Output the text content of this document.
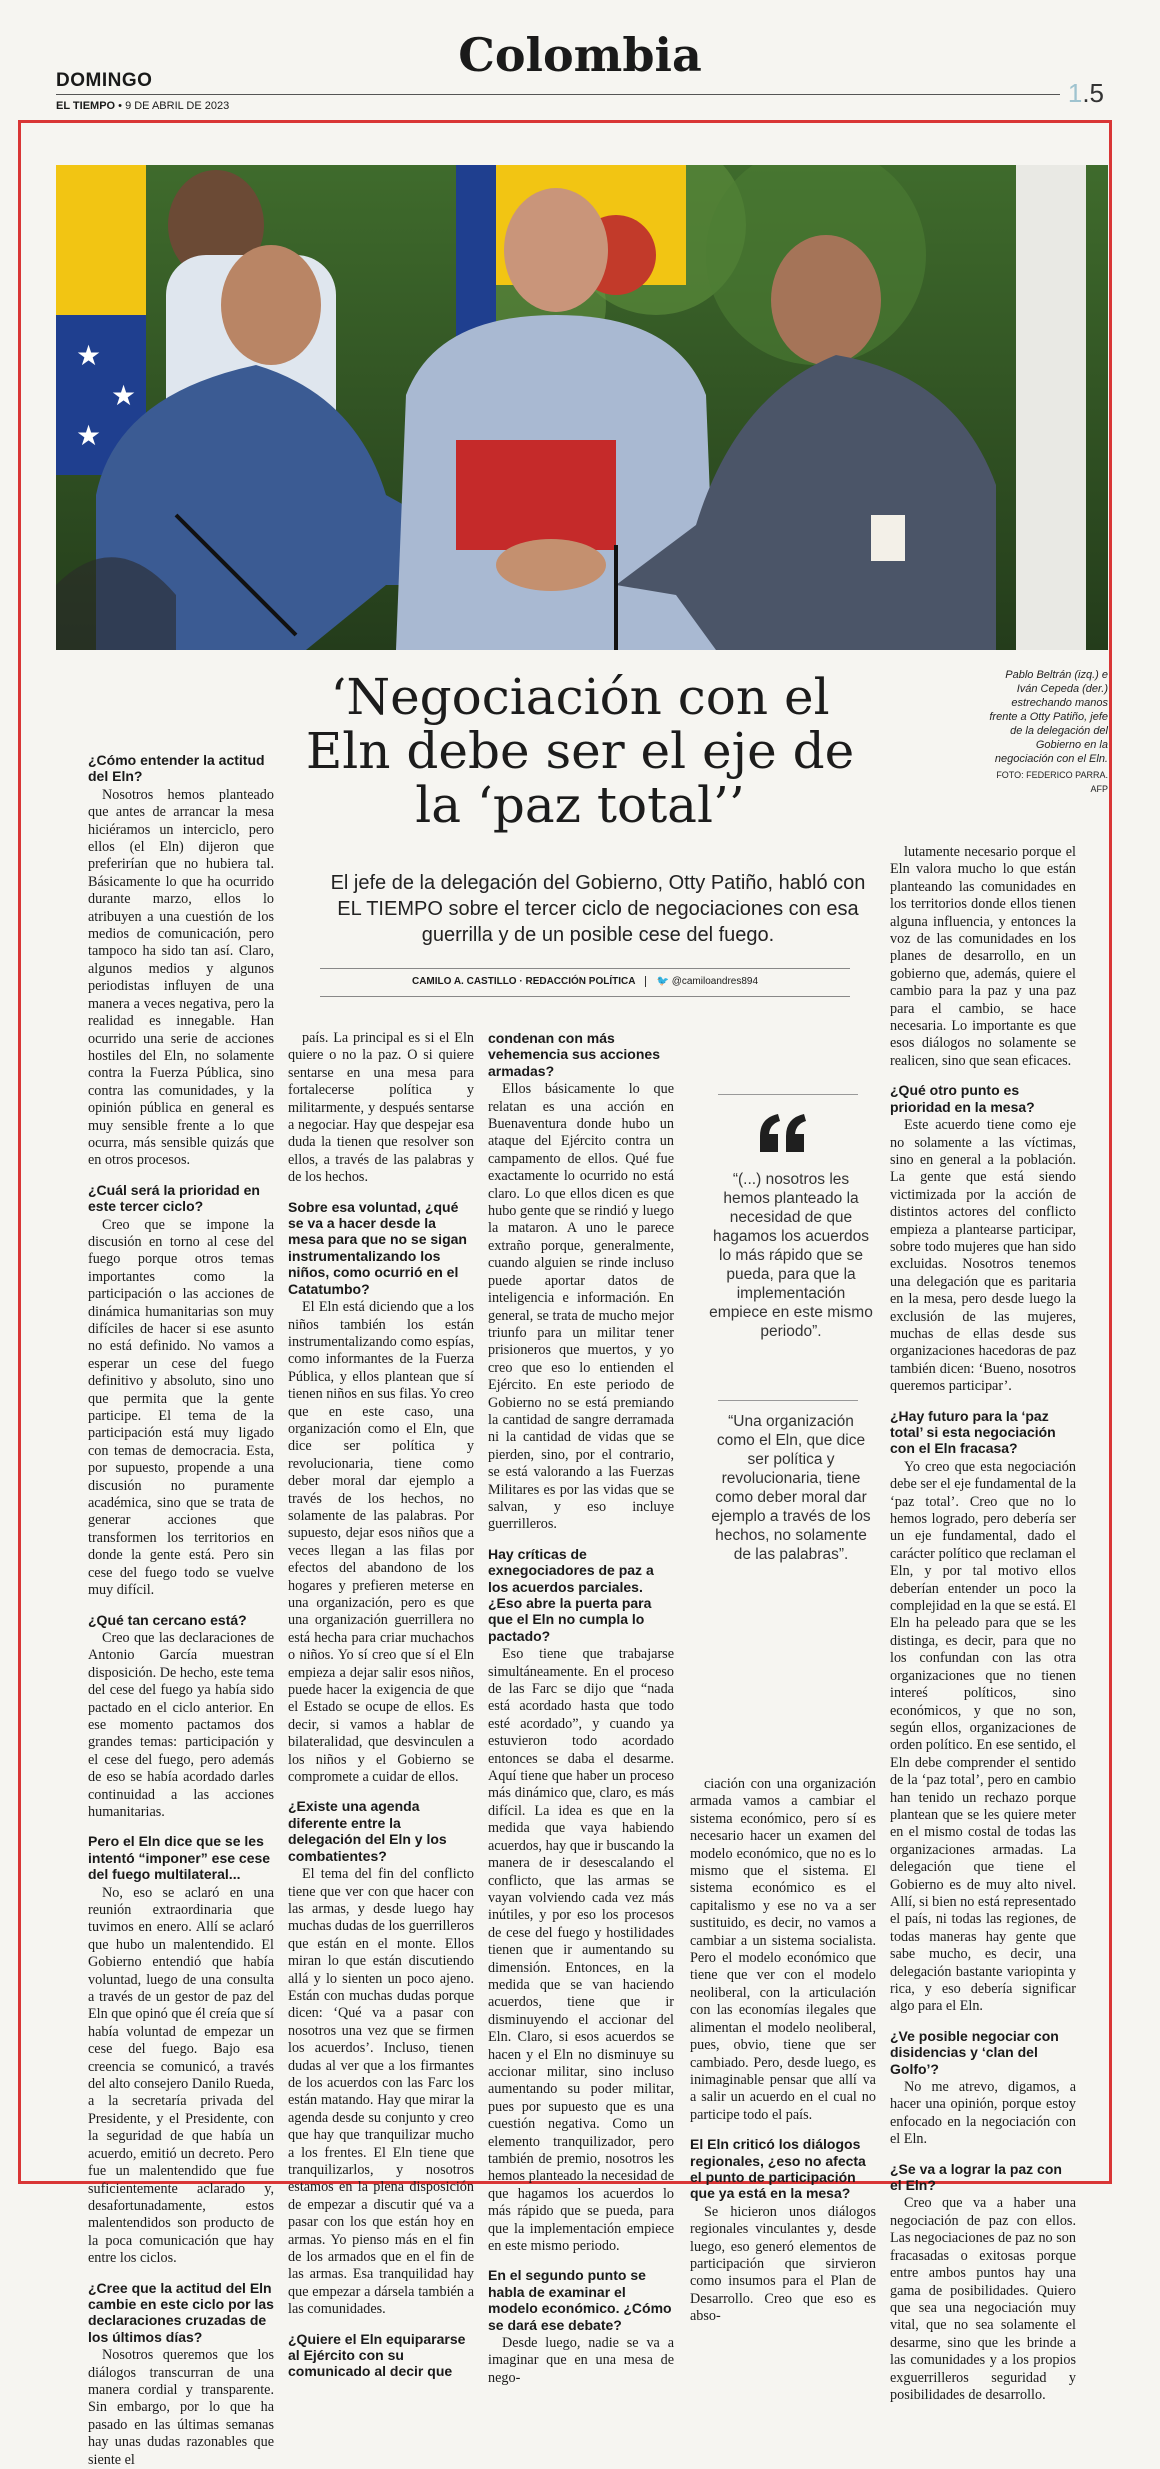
DOMINGO
EL TIEMPO • 9 DE ABRIL DE 2023
Colombia
1.5
★
★
★
Pablo Beltrán (izq.) e Iván Cepeda (der.) estrechando manos frente a Otty Patiño, jefe de la delegación del Gobierno en la negociación con el Eln.
FOTO: FEDERICO PARRA. AFP
‘Negociación con el Eln debe ser el eje de la ‘paz total’’
El jefe de la delegación del Gobierno, Otty Patiño, habló con EL TIEMPO sobre el tercer ciclo de negociaciones con esa guerrilla y de un posible cese del fuego.
CAMILO A. CASTILLO · REDACCIÓN POLÍTICA 🐦 @camiloandres894
¿Cómo entender la actitud del Eln?

Nosotros hemos planteado que antes de arrancar la mesa hiciéramos un interciclo, pero ellos (el Eln) dijeron que preferirían que no hubiera tal. Básicamente lo que ha ocurrido durante marzo, ellos lo atribuyen a una cuestión de los medios de comunicación, pero tampoco ha sido tan así. Claro, algunos medios y algunos periodistas influyen de una manera a veces negativa, pero la realidad es innegable. Han ocurrido una serie de acciones hostiles del Eln, no solamente contra la Fuerza Pública, sino contra las comunidades, y la opinión pública en general es muy sensible frente a lo que ocurra, más sensible quizás que en otros procesos.

¿Cuál será la prioridad en este tercer ciclo?

Creo que se impone la discusión en torno al cese del fuego porque otros temas importantes como la participación o las acciones de dinámica humanitarias son muy difíciles de hacer si ese asunto no está definido. No vamos a esperar un cese del fuego definitivo y absoluto, sino uno que permita que la gente participe. El tema de la participación está muy ligado con temas de democracia. Esta, por supuesto, propende a una discusión no puramente académica, sino que se trata de generar acciones que transformen los territorios en donde la gente está. Pero sin cese del fuego todo se vuelve muy difícil.

¿Qué tan cercano está?

Creo que las declaraciones de Antonio García muestran disposición. De hecho, este tema del cese del fuego ya había sido pactado en el ciclo anterior. En ese momento pactamos dos grandes temas: participación y el cese del fuego, pero además de eso se había acordado darles continuidad a las acciones humanitarias.

Pero el Eln dice que se les intentó “imponer” ese cese del fuego multilateral...

No, eso se aclaró en una reunión extraordinaria que tuvimos en enero. Allí se aclaró que hubo un malentendido. El Gobierno entendió que había voluntad, luego de una consulta a través de un gestor de paz del Eln que opinó que él creía que sí había voluntad de empezar un cese del fuego. Bajo esa creencia se comunicó, a través del alto consejero Danilo Rueda, a la secretaría privada del Presidente, y el Presidente, con la seguridad de que había un acuerdo, emitió un decreto. Pero fue un malentendido que fue suficientemente aclarado y, desafortunadamente, estos malentendidos son producto de la poca comunicación que hay entre los ciclos.

¿Cree que la actitud del Eln cambie en este ciclo por las declaraciones cruzadas de los últimos días?

Nosotros queremos que los diálogos transcurran de una manera cordial y transparente. Sin embargo, por lo que ha pasado en las últimas semanas hay unas dudas razonables que siente el

país. La principal es si el Eln quiere o no la paz. O si quiere sentarse en una mesa para fortalecerse política y militarmente, y después sentarse a negociar. Hay que despejar esa duda la tienen que resolver son ellos, a través de las palabras y de los hechos.

Sobre esa voluntad, ¿qué se va a hacer desde la mesa para que no se sigan instrumentalizando los niños, como ocurrió en el Catatumbo?

El Eln está diciendo que a los niños también los están instrumentalizando como espías, como informantes de la Fuerza Pública, y ellos plantean que sí tienen niños en sus filas. Yo creo que en este caso, una organización como el Eln, que dice ser política y revolucionaria, tiene como deber moral dar ejemplo a través de los hechos, no solamente de las palabras. Por supuesto, dejar esos niños que a veces llegan a las filas por efectos del abandono de los hogares y prefieren meterse en una organización, pero es que una organización guerrillera no está hecha para criar muchachos o niños. Yo sí creo que sí el Eln empieza a dejar salir esos niños, puede hacer la exigencia de que el Estado se ocupe de ellos. Es decir, si vamos a hablar de bilateralidad, que desvinculen a los niños y el Gobierno se compromete a cuidar de ellos.

¿Existe una agenda diferente entre la delegación del Eln y los combatientes?

El tema del fin del conflicto tiene que ver con que hacer con las armas, y desde luego hay muchas dudas de los guerrilleros que están en el monte. Ellos miran lo que están discutiendo allá y lo sienten un poco ajeno. Están con muchas dudas porque dicen: ‘Qué va a pasar con nosotros una vez que se firmen los acuerdos’. Incluso, tienen dudas al ver que a los firmantes de los acuerdos con las Farc los están matando. Hay que mirar la agenda desde su conjunto y creo que hay que tranquilizar mucho a los frentes. El Eln tiene que tranquilizarlos, y nosotros estamos en la plena disposición de empezar a discutir qué va a pasar con los que están hoy en armas. Yo pienso más en el fin de los armados que en el fin de las armas. Esa tranquilidad hay que empezar a dársela también a las comunidades.

¿Quiere el Eln equipararse al Ejército con su comunicado al decir que
condenan con más vehemencia sus acciones armadas?

Ellos básicamente lo que relatan es una acción en Buenaventura donde hubo un ataque del Ejército contra un campamento de ellos. Qué fue exactamente lo ocurrido no está claro. Lo que ellos dicen es que hubo gente que se rindió y luego la mataron. A uno le parece extraño porque, generalmente, cuando alguien se rinde incluso puede aportar datos de inteligencia e información. En general, se trata de mucho mejor triunfo para un militar tener prisioneros que muertos, y yo creo que eso lo entienden el Ejército. En este periodo de Gobierno no se está premiando la cantidad de sangre derramada ni la cantidad de vidas que se pierden, sino, por el contrario, se está valorando a las Fuerzas Militares es por las vidas que se salvan, y eso incluye guerrilleros.

Hay críticas de exnegociadores de paz a los acuerdos parciales. ¿Eso abre la puerta para que el Eln no cumpla lo pactado?

Eso tiene que trabajarse simultáneamente. En el proceso de las Farc se dijo que “nada está acordado hasta que todo esté acordado”, y cuando ya estuvieron todo acordado entonces se daba el desarme. Aquí tiene que haber un proceso más dinámico que, claro, es más difícil. La idea es que en la medida que vaya habiendo acuerdos, hay que ir buscando la manera de ir desescalando el conflicto, que las armas se vayan volviendo cada vez más inútiles, y por eso los procesos de cese del fuego y hostilidades tienen que ir aumentando su dimensión. Entonces, en la medida que se van haciendo acuerdos, tiene que ir disminuyendo el accionar del Eln. Claro, si esos acuerdos se hacen y el Eln no disminuye su accionar militar, sino incluso aumentando su poder militar, pues por supuesto que es una cuestión negativa. Como un elemento tranquilizador, pero también de premio, nosotros les hemos planteado la necesidad de que hagamos los acuerdos lo más rápido que se pueda, para que la implementación empiece en este mismo periodo.

En el segundo punto se habla de examinar el modelo económico. ¿Cómo se dará ese debate?

Desde luego, nadie se va a imaginar que en una mesa de nego-

ciación con una organización armada vamos a cambiar el sistema económico, pero sí es necesario hacer un examen del modelo económico, que no es lo mismo que el sistema. El sistema económico es el capitalismo y ese no va a ser sustituido, es decir, no vamos a cambiar a un sistema socialista. Pero el modelo económico que tiene que ver con el modelo neoliberal, con la articulación con las economías ilegales que alimentan el modelo neoliberal, pues, obvio, tiene que ser cambiado. Pero, desde luego, es inimaginable pensar que allí va a salir un acuerdo en el cual no participe todo el país.

El Eln criticó los diálogos regionales, ¿eso no afecta el punto de participación que ya está en la mesa?

Se hicieron unos diálogos regionales vinculantes y, desde luego, eso generó elementos de participación que sirvieron como insumos para el Plan de Desarrollo. Creo que eso es abso-

lutamente necesario porque el Eln valora mucho lo que están planteando las comunidades en los territorios donde ellos tienen alguna influencia, y entonces la voz de las comunidades en los planes de desarrollo, en un gobierno que, además, quiere el cambio para la paz y una paz para el cambio, se hace necesaria. Lo importante es que esos diálogos no solamente se realicen, sino que sean eficaces.

¿Qué otro punto es prioridad en la mesa?

Este acuerdo tiene como eje no solamente a las víctimas, sino en general a la población. La gente que está siendo victimizada por la acción de distintos actores del conflicto empieza a plantearse participar, sobre todo mujeres que han sido excluidas. Nosotros tenemos una delegación que es paritaria en la mesa, pero desde luego la exclusión de las mujeres, muchas de ellas desde sus organizaciones hacedoras de paz también dicen: ‘Bueno, nosotros queremos participar’.

¿Hay futuro para la ‘paz total’ si esta negociación con el Eln fracasa?

Yo creo que esta negociación debe ser el eje fundamental de la ‘paz total’. Creo que no lo hemos logrado, pero debería ser un eje fundamental, dado el carácter político que reclaman el Eln, y por tal motivo ellos deberían entender un poco la complejidad en la que se está. El Eln ha peleado para que se les distinga, es decir, para que no los confundan con las otra organizaciones que no tienen intereś políticos, sino económicos, y que no son, según ellos, organizaciones de orden político. En ese sentido, el Eln debe comprender el sentido de la ‘paz total’, pero en cambio han tenido un rechazo porque plantean que se les quiere meter en el mismo costal de todas las organizaciones armadas. La delegación que tiene el Gobierno es de muy alto nivel. Allí, si bien no está representado el país, ni todas las regiones, de todas maneras hay gente que sabe mucho, es decir, una delegación bastante variopinta y rica, y eso debería significar algo para el Eln.

¿Ve posible negociar con disidencias y ‘clan del Golfo’?

No me atrevo, digamos, a hacer una opinión, porque estoy enfocado en la negociación con el Eln.

¿Se va a lograr la paz con el Eln?

Creo que va a haber una negociación de paz con ellos. Las negociaciones de paz no son fracasadas o exitosas porque entre ambos puntos hay una gama de posibilidades. Quiero que sea una negociación muy vital, que no sea solamente el desarme, sino que les brinde a las comunidades y a los propios exguerrilleros seguridad y posibilidades de desarrollo.

“(...) nosotros les hemos planteado la necesidad de que hagamos los acuerdos lo más rápido que se pueda, para que la implementación empiece en este mismo periodo”.
“Una organización como el Eln, que dice ser política y revolucionaria, tiene como deber moral dar ejemplo a través de los hechos, no solamente de las palabras”.
